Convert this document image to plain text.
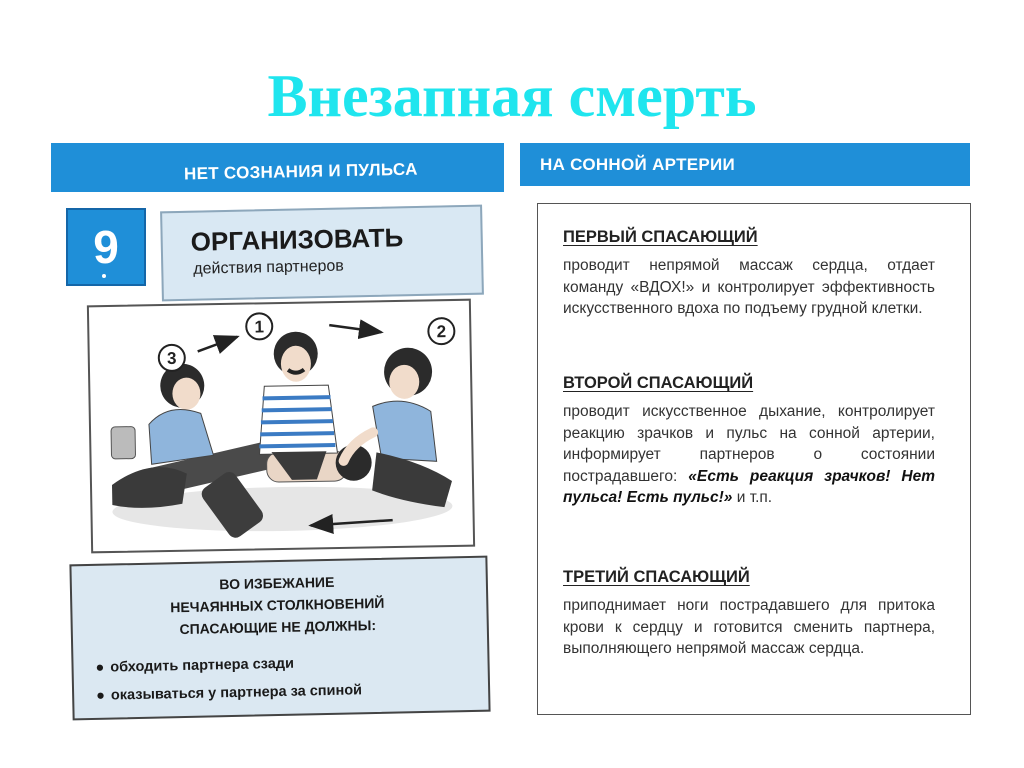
Внезапная смерть
НЕТ СОЗНАНИЯ И ПУЛЬСА
9	ОРГАНИЗОВАТЬ
действия партнеров
1	2
3
ВО ИЗБЕЖАНИЕ
НЕЧАЯННЫХ СТОЛКНОВЕНИЙ
СПАСАЮЩИЕ НЕ ДОЛЖНЫ:
● обходить партнера сзади
● оказываться у партнера за спиной
НА СОННОЙ АРТЕРИИ
ПЕРВЫЙ СПАСАЮЩИЙ
проводит непрямой массаж сердца, отдает команду «ВДОХ!» и контролирует эффективность искусственного вдоха по подъему грудной клетки.
ВТОРОЙ СПАСАЮЩИЙ
проводит искусственное дыхание, контролирует реакцию зрачков и пульс на сонной артерии, информирует партнеров о состоянии пострадавшего: «Есть реакция зрачков! Нет пульса! Есть пульс!» и т.п.
ТРЕТИЙ СПАСАЮЩИЙ
приподнимает ноги пострадавшего для притока крови к сердцу и готовится сменить партнера, выполняющего непрямой массаж сердца.
